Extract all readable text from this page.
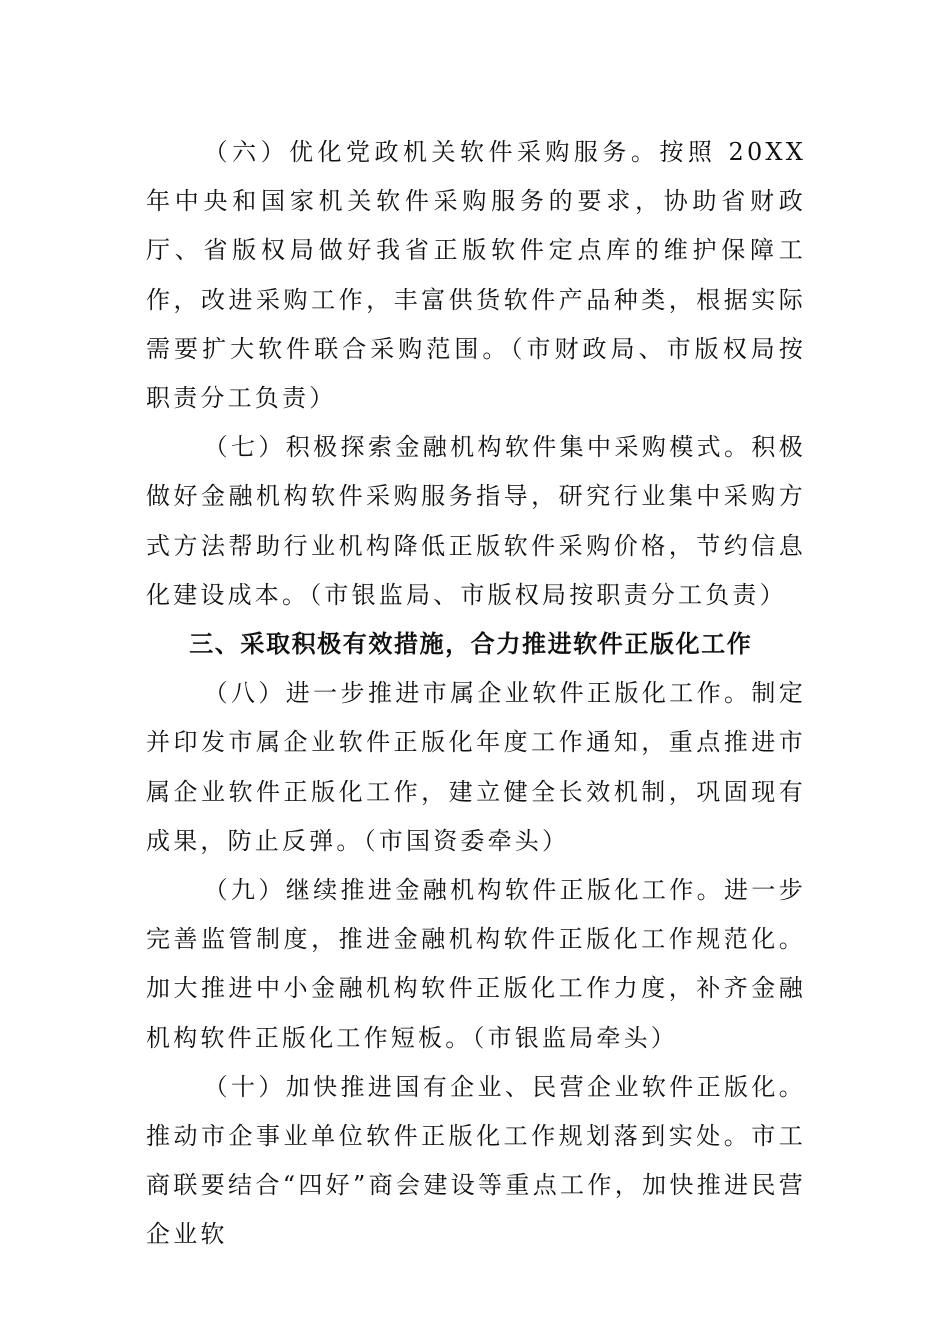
（六）优化党政机关软件采购服务。按照 20XX 年中央和国家机关软件采购服务的要求，协助省财政厅、省版权局做好我省正版软件定点库的维护保障工作，改进采购工作，丰富供货软件产品种类，根据实际需要扩大软件联合采购范围。（市财政局、市版权局按职责分工负责）

（七）积极探索金融机构软件集中采购模式。积极做好金融机构软件采购服务指导，研究行业集中采购方式方法帮助行业机构降低正版软件采购价格，节约信息化建设成本。（市银监局、市版权局按职责分工负责）

三、采取积极有效措施，合力推进软件正版化工作

（八）进一步推进市属企业软件正版化工作。制定并印发市属企业软件正版化年度工作通知，重点推进市属企业软件正版化工作，建立健全长效机制，巩固现有成果，防止反弹。（市国资委牵头）

（九）继续推进金融机构软件正版化工作。进一步完善监管制度，推进金融机构软件正版化工作规范化。加大推进中小金融机构软件正版化工作力度，补齐金融机构软件正版化工作短板。（市银监局牵头）

（十）加快推进国有企业、民营企业软件正版化。推动市企事业单位软件正版化工作规划落到实处。市工商联要结合“四好”商会建设等重点工作，加快推进民营企业软
